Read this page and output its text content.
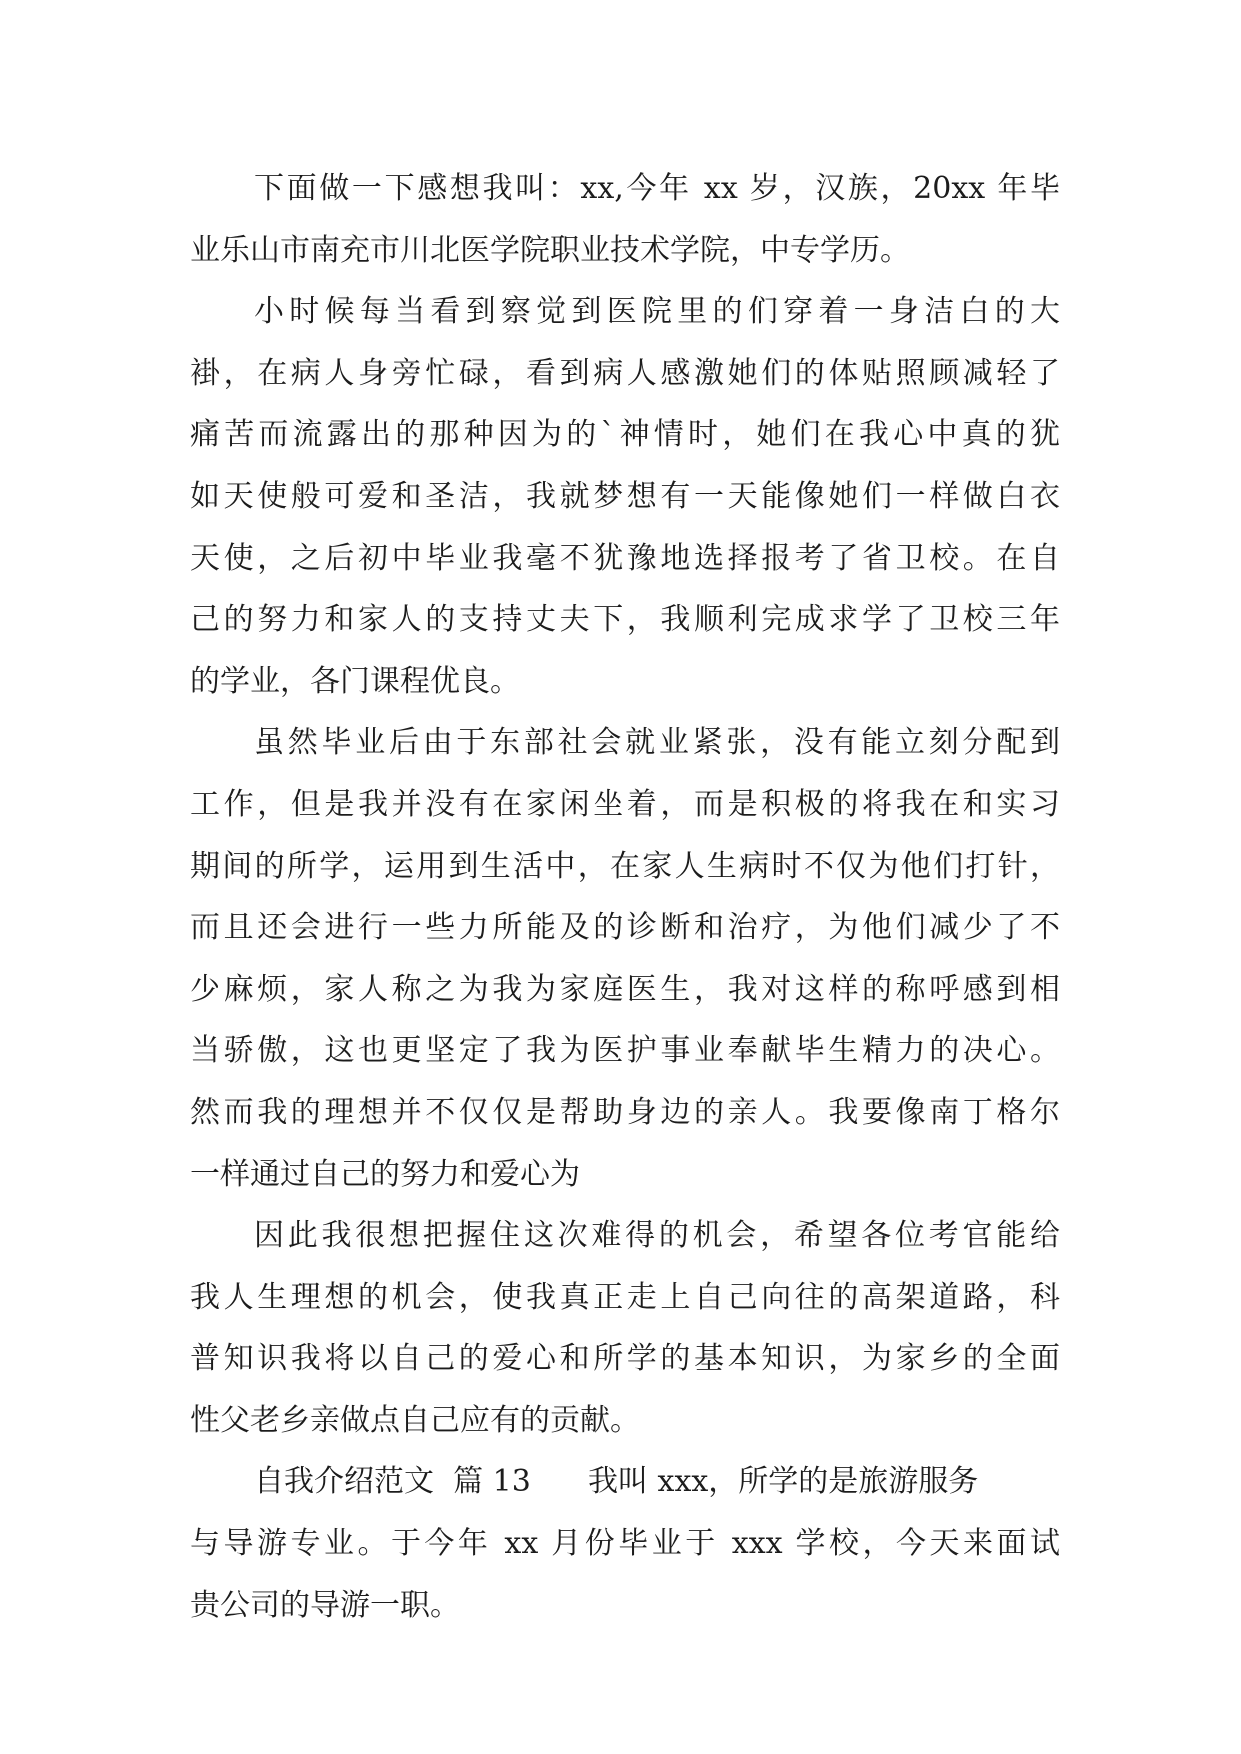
下面做一下感想我叫：xx,今年 xx 岁，汉族，20xx 年毕
业乐山市南充市川北医学院职业技术学院，中专学历。
小时候每当看到察觉到医院里的们穿着一身洁白的大
褂，在病人身旁忙碌，看到病人感激她们的体贴照顾减轻了
痛苦而流露出的那种因为的`神情时，她们在我心中真的犹
如天使般可爱和圣洁，我就梦想有一天能像她们一样做白衣
天使，之后初中毕业我毫不犹豫地选择报考了省卫校。在自
己的努力和家人的支持丈夫下，我顺利完成求学了卫校三年
的学业，各门课程优良。
虽然毕业后由于东部社会就业紧张，没有能立刻分配到
工作，但是我并没有在家闲坐着，而是积极的将我在和实习
期间的所学，运用到生活中，在家人生病时不仅为他们打针，
而且还会进行一些力所能及的诊断和治疗，为他们减少了不
少麻烦，家人称之为我为家庭医生，我对这样的称呼感到相
当骄傲，这也更坚定了我为医护事业奉献毕生精力的决心。
然而我的理想并不仅仅是帮助身边的亲人。我要像南丁格尔
一样通过自己的努力和爱心为
因此我很想把握住这次难得的机会，希望各位考官能给
我人生理想的机会，使我真正走上自己向往的高架道路，科
普知识我将以自己的爱心和所学的基本知识，为家乡的全面
性父老乡亲做点自己应有的贡献。
自我介绍范文  篇 13      我叫 xxx，所学的是旅游服务
与导游专业。于今年 xx 月份毕业于 xxx 学校，今天来面试
贵公司的导游一职。
